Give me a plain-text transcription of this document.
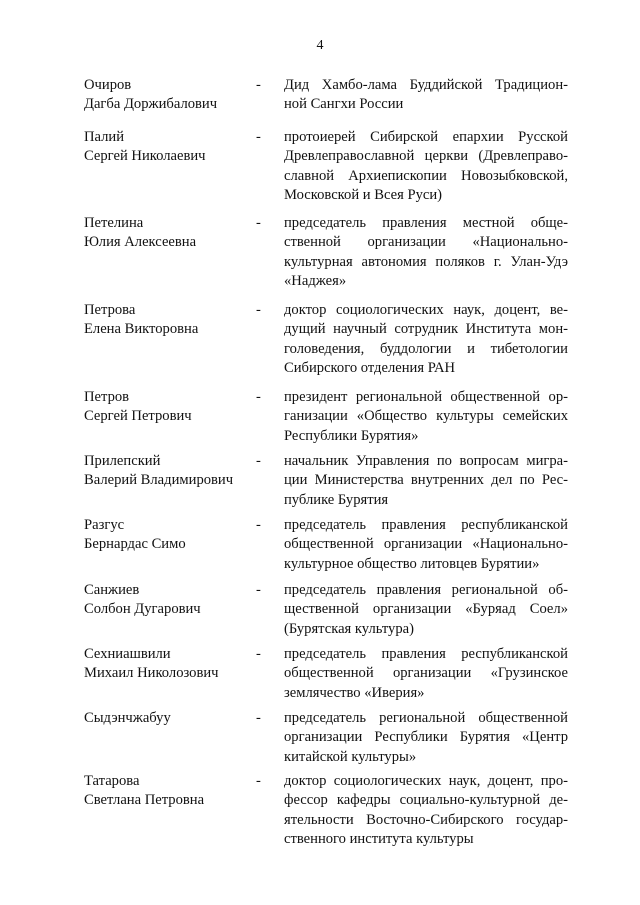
4
Очиров
Дагба Доржибалович
- Дид Хамбо-лама Буддийской Традицион-
ной Сангхи России
Палий
Сергей Николаевич
- протоиерей Сибирской епархии Русской
Древлеправославной церкви (Древлеправо-
славной Архиепископии Новозыбковской,
Московской и Всея Руси)
Петелина
Юлия Алексеевна
- председатель правления местной обще-
ственной организации «Национально-
культурная автономия поляков г. Улан-Удэ
«Наджея»
Петрова
Елена Викторовна
- доктор социологических наук, доцент, ве-
дущий научный сотрудник Института мон-
головедения, буддологии и тибетологии
Сибирского отделения РАН
Петров
Сергей Петрович
- президент региональной общественной ор-
ганизации «Общество культуры семейских
Республики Бурятия»
Прилепский
Валерий Владимирович
- начальник Управления по вопросам мигра-
ции Министерства внутренних дел по Рес-
публике Бурятия
Разгус
Бернардас Симо
- председатель правления республиканской
общественной организации «Национально-
культурное общество литовцев Бурятии»
Санжиев
Солбон Дугарович
- председатель правления региональной об-
щественной организации «Буряад Соел»
(Бурятская культура)
Сехниашвили
Михаил Николозович
- председатель правления республиканской
общественной организации «Грузинское
землячество «Иверия»
Сыдэнчжабуу	- председатель региональной общественной
организации Республики Бурятия «Центр
китайской культуры»
Татарова
Светлана Петровна
- доктор социологических наук, доцент, про-
фессор кафедры социально-культурной де-
ятельности Восточно-Сибирского государ-
ственного института культуры
